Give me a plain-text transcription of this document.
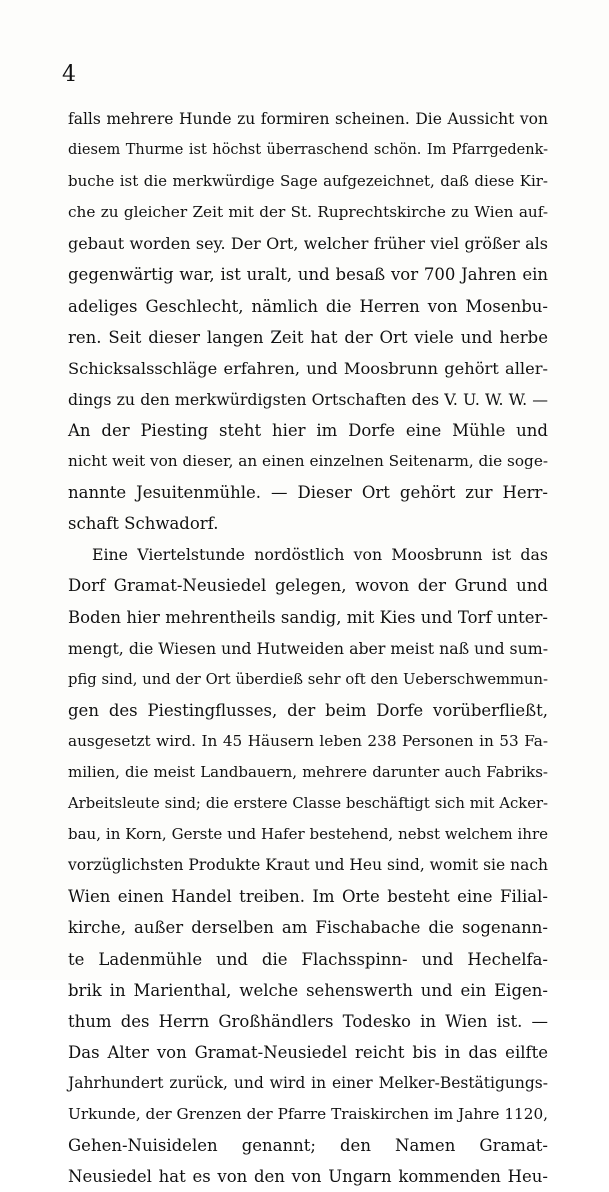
4
falls mehrere Hunde zu formiren scheinen. Die Aussicht von
diesem Thurme ist höchst überraschend schön. Im Pfarrgedenk-
buche ist die merkwürdige Sage aufgezeichnet, daß diese Kir-
che zu gleicher Zeit mit der St. Ruprechtskirche zu Wien auf-
gebaut worden sey. Der Ort, welcher früher viel größer als
gegenwärtig war, ist uralt, und besaß vor 700 Jahren ein
adeliges Geschlecht, nämlich die Herren von Mosenbu-
ren. Seit dieser langen Zeit hat der Ort viele und herbe
Schicksalsschläge erfahren, und Moosbrunn gehört aller-
dings zu den merkwürdigsten Ortschaften des V. U. W. W. —
An der Piesting steht hier im Dorfe eine Mühle und
nicht weit von dieser, an einen einzelnen Seitenarm, die soge-
nannte Jesuitenmühle. — Dieser Ort gehört zur Herr-
schaft Schwadorf.
Eine Viertelstunde nordöstlich von Moosbrunn ist das
Dorf Gramat-Neusiedel gelegen, wovon der Grund und
Boden hier mehrentheils sandig, mit Kies und Torf unter-
mengt, die Wiesen und Hutweiden aber meist naß und sum-
pfig sind, und der Ort überdieß sehr oft den Ueberschwemmun-
gen des Piestingflusses, der beim Dorfe vorüberfließt,
ausgesetzt wird. In 45 Häusern leben 238 Personen in 53 Fa-
milien, die meist Landbauern, mehrere darunter auch Fabriks-
Arbeitsleute sind; die erstere Classe beschäftigt sich mit Acker-
bau, in Korn, Gerste und Hafer bestehend, nebst welchem ihre
vorzüglichsten Produkte Kraut und Heu sind, womit sie nach
Wien einen Handel treiben. Im Orte besteht eine Filial-
kirche, außer derselben am Fischabache die sogenann-
te Ladenmühle und die Flachsspinn- und Hechelfa-
brik in Marienthal, welche sehenswerth und ein Eigen-
thum des Herrn Großhändlers Todesko in Wien ist. —
Das Alter von Gramat-Neusiedel reicht bis in das eilfte
Jahrhundert zurück, und wird in einer Melker-Bestätigungs-
Urkunde, der Grenzen der Pfarre Traiskirchen im Jahre 1120,
Gehen-Nuisidelen genannt; den Namen Gramat-
Neusiedel hat es von den von Ungarn kommenden Heu-
